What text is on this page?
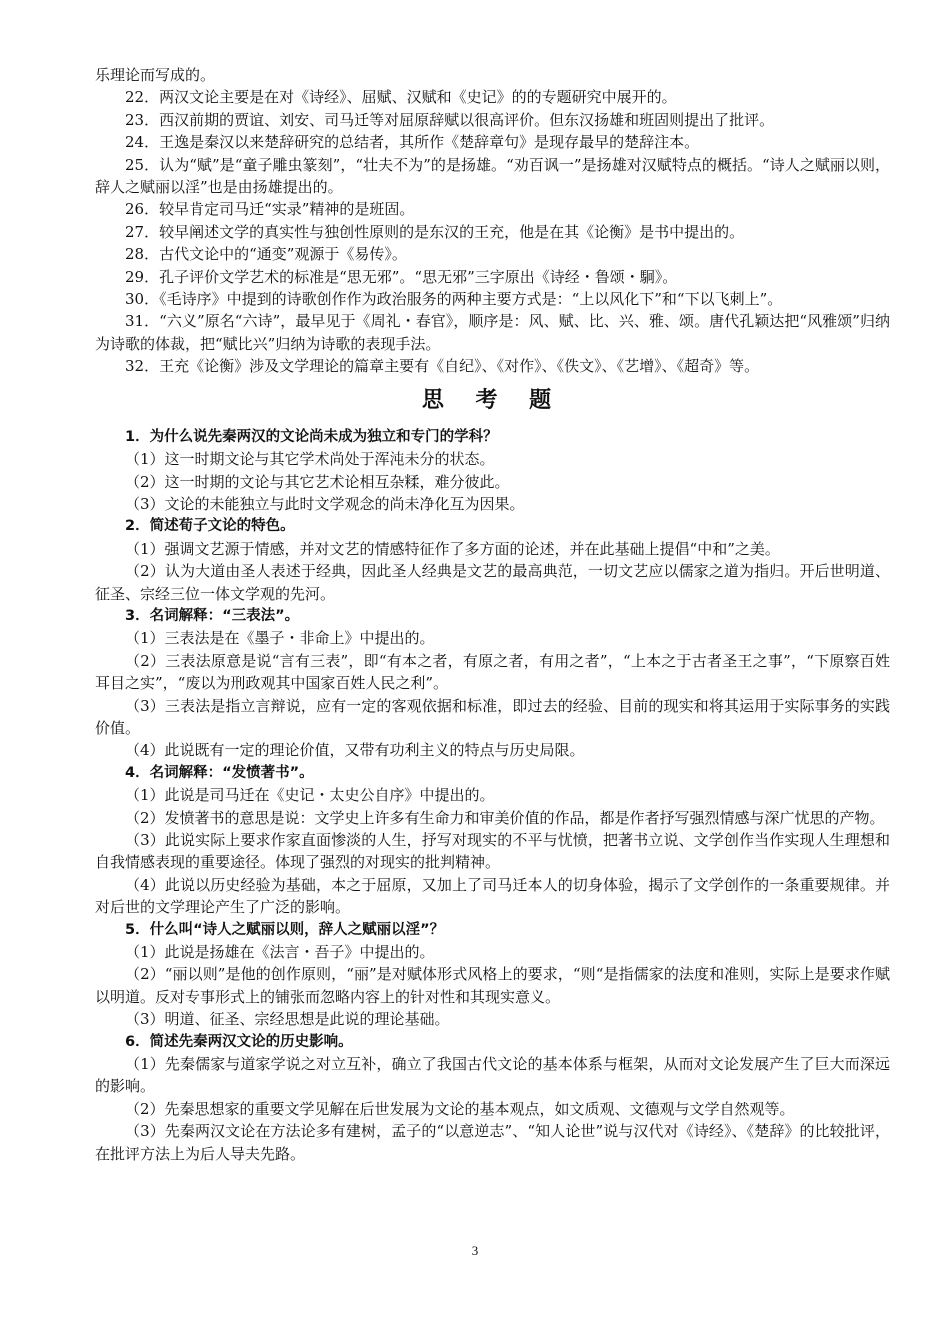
乐理论而写成的。

22．两汉文论主要是在对《诗经》、屈赋、汉赋和《史记》的的专题研究中展开的。

23．西汉前期的贾谊、刘安、司马迁等对屈原辞赋以很高评价。但东汉扬雄和班固则提出了批评。

24．王逸是秦汉以来楚辞研究的总结者，其所作《楚辞章句》是现存最早的楚辞注本。

25．认为“赋”是“童子雕虫篆刻”，“壮夫不为”的是扬雄。“劝百讽一”是扬雄对汉赋特点的概括。“诗人之赋丽以则，辞人之赋丽以淫”也是由扬雄提出的。

26．较早肯定司马迁“实录”精神的是班固。

27．较早阐述文学的真实性与独创性原则的是东汉的王充，他是在其《论衡》是书中提出的。

28．古代文论中的“通变”观源于《易传》。

29．孔子评价文学艺术的标准是“思无邪”。“思无邪”三字原出《诗经・鲁颂・駉》。

30．《毛诗序》中提到的诗歌创作作为政治服务的两种主要方式是：“上以风化下”和“下以飞刺上”。

31．“六义”原名“六诗”，最早见于《周礼・春官》，顺序是：风、赋、比、兴、雅、颂。唐代孔颖达把“风雅颂”归纳为诗歌的体裁，把“赋比兴”归纳为诗歌的表现手法。

32．王充《论衡》涉及文学理论的篇章主要有《自纪》、《对作》、《佚文》、《艺增》、《超奇》等。

思 考 题

1．为什么说先秦两汉的文论尚未成为独立和专门的学科？

（1）这一时期文论与其它学术尚处于浑沌未分的状态。

（2）这一时期的文论与其它艺术论相互杂糅，难分彼此。

（3）文论的未能独立与此时文学观念的尚未净化互为因果。

2．简述荀子文论的特色。

（1）强调文艺源于情感，并对文艺的情感特征作了多方面的论述，并在此基础上提倡“中和”之美。

（2）认为大道由圣人表述于经典，因此圣人经典是文艺的最高典范，一切文艺应以儒家之道为指归。开后世明道、征圣、宗经三位一体文学观的先河。

3．名词解释：“三表法”。

（1）三表法是在《墨子・非命上》中提出的。

（2）三表法原意是说“言有三表”，即“有本之者，有原之者，有用之者”，“上本之于古者圣王之事”，“下原察百姓耳目之实”，“废以为刑政观其中国家百姓人民之利”。

（3）三表法是指立言辩说，应有一定的客观依据和标准，即过去的经验、目前的现实和将其运用于实际事务的实践价值。

（4）此说既有一定的理论价值，又带有功利主义的特点与历史局限。

4．名词解释：“发愤著书”。

（1）此说是司马迁在《史记・太史公自序》中提出的。

（2）发愤著书的意思是说：文学史上许多有生命力和审美价值的作品，都是作者抒写强烈情感与深广忧思的产物。

（3）此说实际上要求作家直面惨淡的人生，抒写对现实的不平与忧愤，把著书立说、文学创作当作实现人生理想和自我情感表现的重要途径。体现了强烈的对现实的批判精神。

（4）此说以历史经验为基础，本之于屈原，又加上了司马迁本人的切身体验，揭示了文学创作的一条重要规律。并对后世的文学理论产生了广泛的影响。

5．什么叫“诗人之赋丽以则，辞人之赋丽以淫”？

（1）此说是扬雄在《法言・吾子》中提出的。

（2）“丽以则”是他的创作原则，“丽”是对赋体形式风格上的要求，“则“是指儒家的法度和准则，实际上是要求作赋以明道。反对专事形式上的铺张而忽略内容上的针对性和其现实意义。

（3）明道、征圣、宗经思想是此说的理论基础。

6．简述先秦两汉文论的历史影响。

（1）先秦儒家与道家学说之对立互补，确立了我国古代文论的基本体系与框架，从而对文论发展产生了巨大而深远的影响。

（2）先秦思想家的重要文学见解在后世发展为文论的基本观点，如文质观、文德观与文学自然观等。

（3）先秦两汉文论在方法论多有建树，孟子的“以意逆志”、“知人论世”说与汉代对《诗经》、《楚辞》的比较批评，在批评方法上为后人导夫先路。

3
